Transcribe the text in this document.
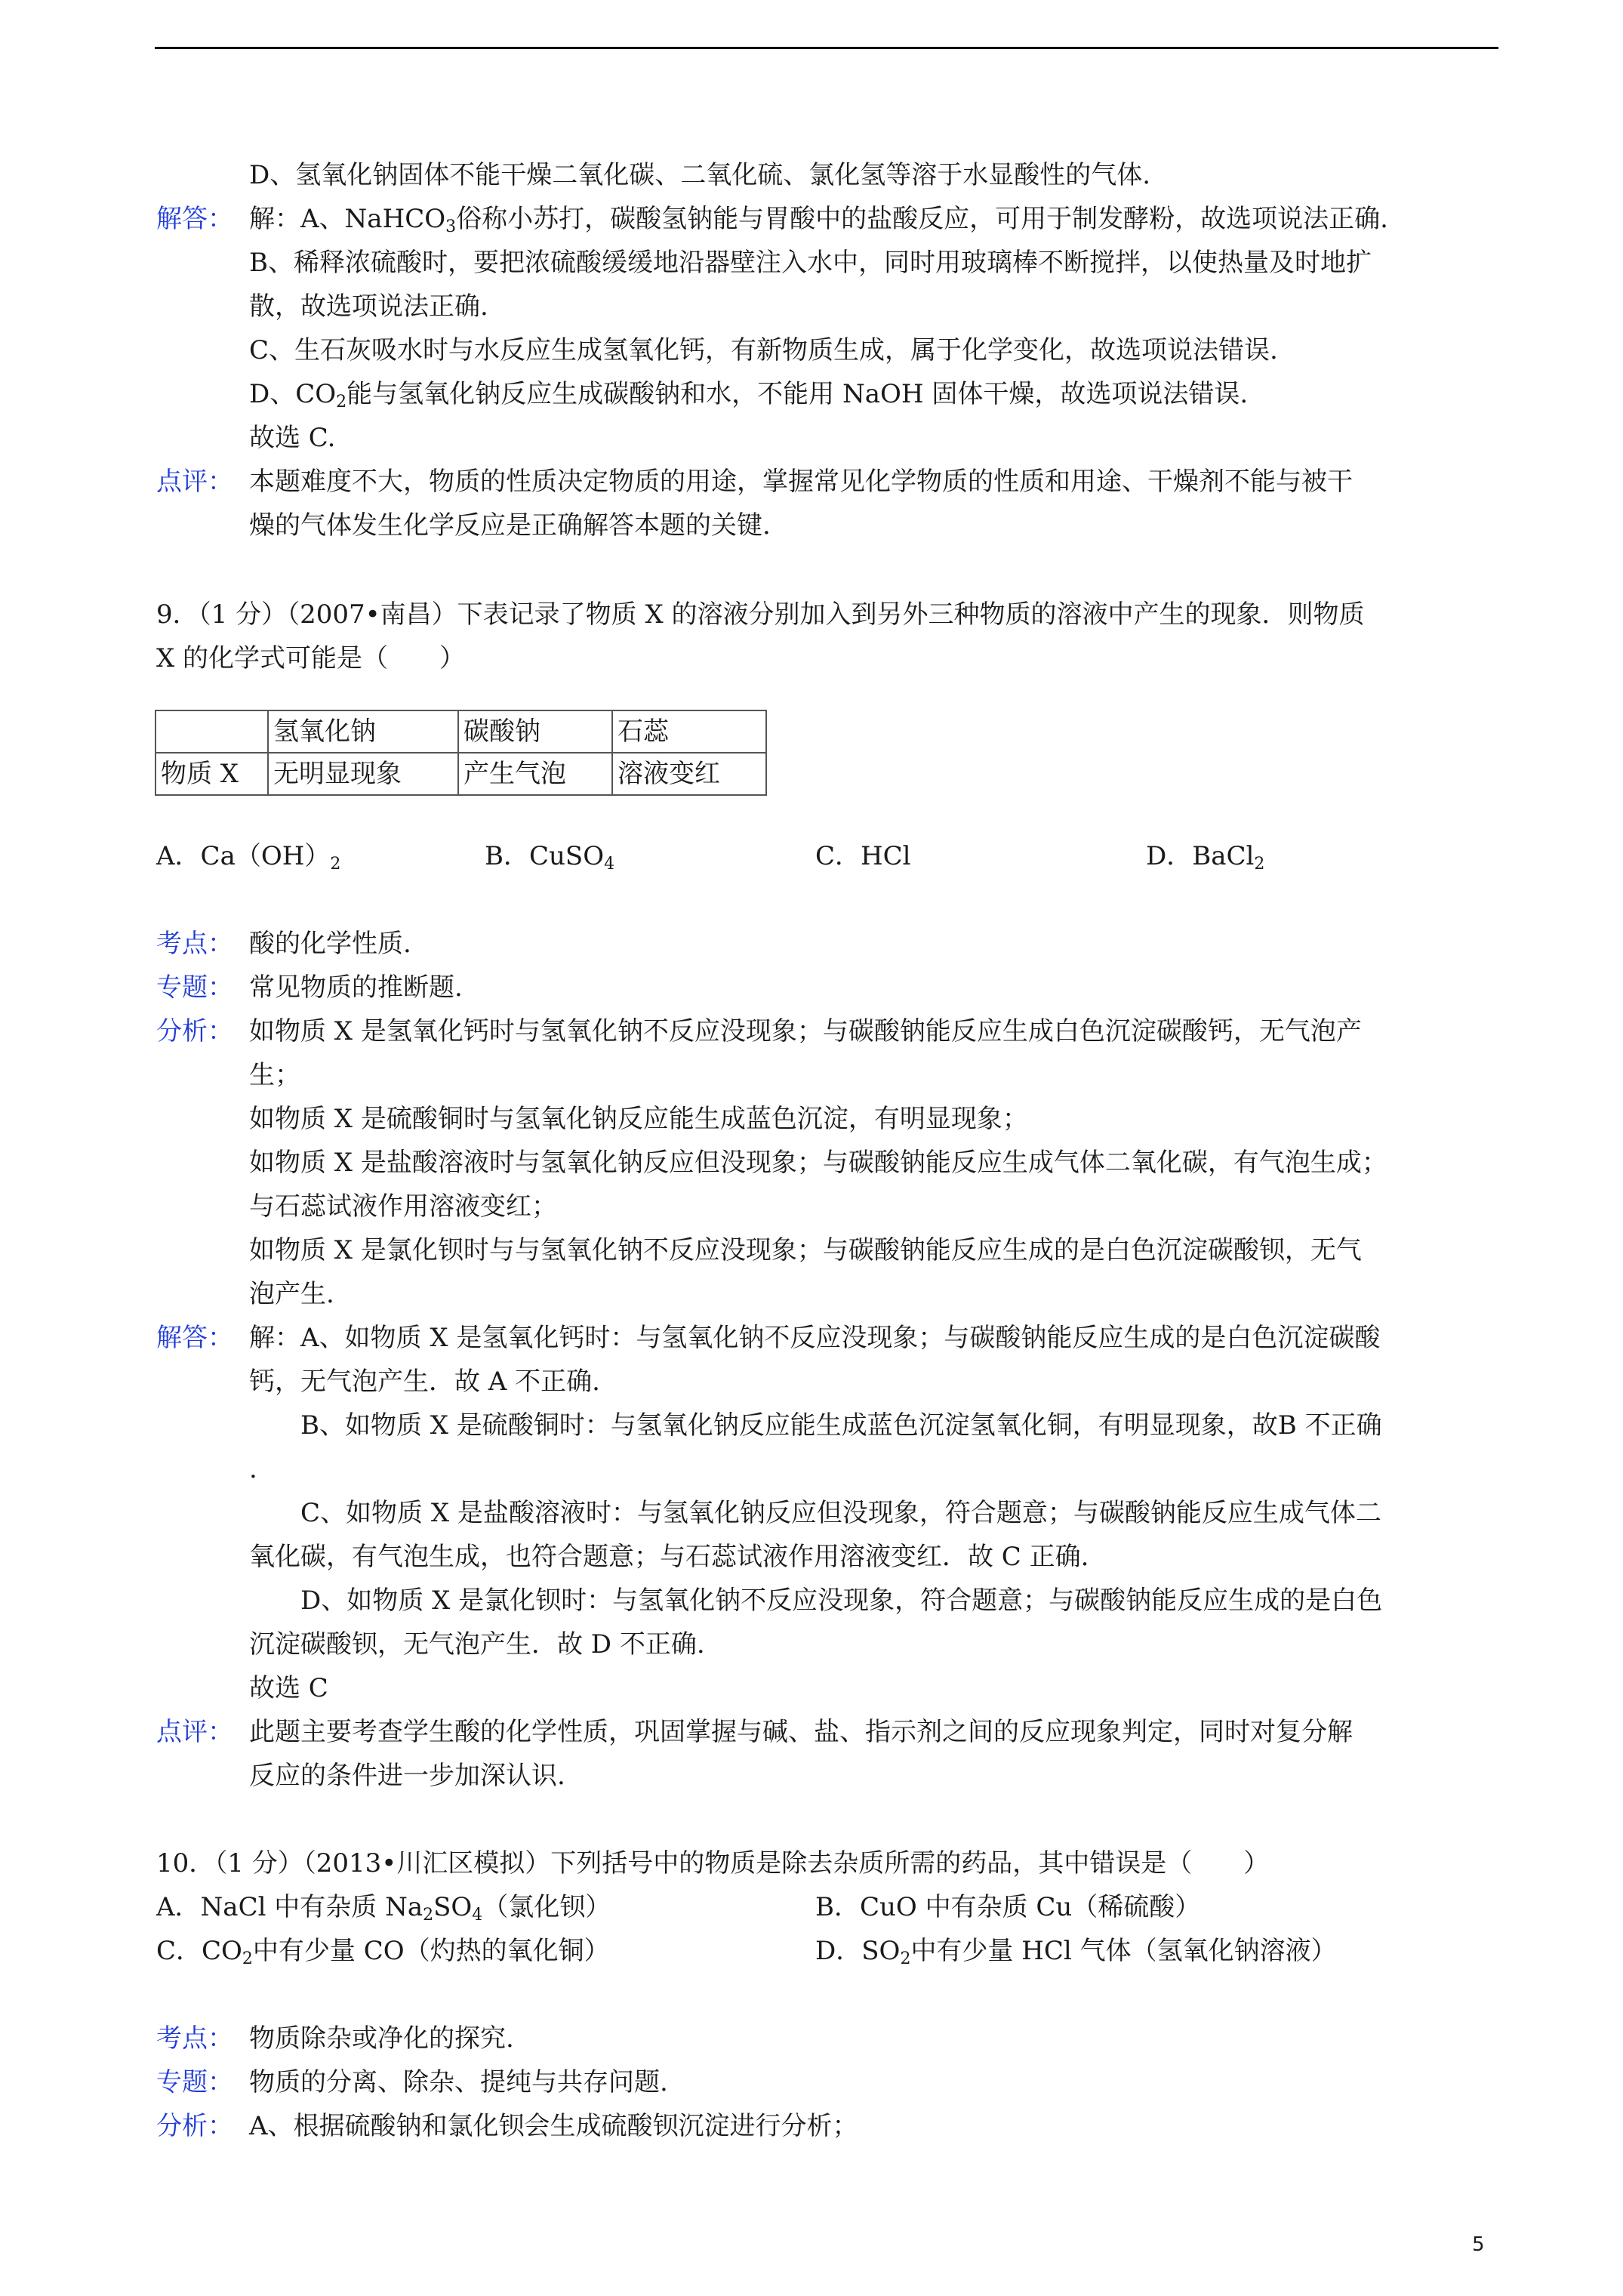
D、氢氧化钠固体不能干燥二氧化碳、二氧化硫、氯化氢等溶于水显酸性的气体.
解答： 解：A、NaHCO$_3$俗称小苏打，碳酸氢钠能与胃酸中的盐酸反应，可用于制发酵粉，故选项说法正确.
B、稀释浓硫酸时，要把浓硫酸缓缓地沿器壁注入水中，同时用玻璃棒不断搅拌，以使热量及时地扩
散，故选项说法正确.
C、生石灰吸水时与水反应生成氢氧化钙，有新物质生成，属于化学变化，故选项说法错误.
D、$CO_2$能与氢氧化钠反应生成碳酸钠和水，不能用 NaOH 固体干燥，故选项说法错误.
故选 C.
点评： 本题难度不大，物质的性质决定物质的用途，掌握常见化学物质的性质和用途、干燥剂不能与被干
燥的气体发生化学反应是正确解答本题的关键.
9．（1 分）（2007•南昌）下表记录了物质 X 的溶液分别加入到另外三种物质的溶液中产生的现象．则物质
X 的化学式可能是（　　）
	氢氧化钠	碳酸钠	石蕊
物质 X	无明显现象	产生气泡	溶液变红
A．$Ca(OH)_2$	B．CuSO$_4$	C．HCl	D．BaCl$_2$
考点： 酸的化学性质.
专题： 常见物质的推断题.
分析： 如物质 X 是氢氧化钙时与氢氧化钠不反应没现象；与碳酸钠能反应生成白色沉淀碳酸钙，无气泡产
生；
如物质 X 是硫酸铜时与氢氧化钠反应能生成蓝色沉淀，有明显现象；
如物质 X 是盐酸溶液时与氢氧化钠反应但没现象；与碳酸钠能反应生成气体二氧化碳，有气泡生成；
与石蕊试液作用溶液变红；
如物质 X 是氯化钡时与与氢氧化钠不反应没现象；与碳酸钠能反应生成的是白色沉淀碳酸钡，无气
泡产生.
解答： 解：A、如物质 X 是氢氧化钙时：与氢氧化钠不反应没现象；与碳酸钠能反应生成的是白色沉淀碳酸
钙，无气泡产生．故 A 不正确.
B、如物质 X 是硫酸铜时：与氢氧化钠反应能生成蓝色沉淀氢氧化铜，有明显现象，故B 不正确
.
C、如物质 X 是盐酸溶液时：与氢氧化钠反应但没现象，符合题意；与碳酸钠能反应生成气体二
氧化碳，有气泡生成，也符合题意；与石蕊试液作用溶液变红．故 C 正确.
D、如物质 X 是氯化钡时：与氢氧化钠不反应没现象，符合题意；与碳酸钠能反应生成的是白色
沉淀碳酸钡，无气泡产生．故 D 不正确.
故选 C
点评： 此题主要考查学生酸的化学性质，巩固掌握与碱、盐、指示剂之间的反应现象判定，同时对复分解
反应的条件进一步加深认识.
10．（1 分）（2013•川汇区模拟）下列括号中的物质是除去杂质所需的药品，其中错误是（　　）
A．NaCl 中有杂质 $Na_2SO_4$（氯化钡）	B．CuO 中有杂质 Cu（稀硫酸）
C．$CO_2$中有少量 CO（灼热的氧化铜）	D．$SO_2$中有少量 HCl 气体（氢氧化钠溶液）
考点： 物质除杂或净化的探究.
专题： 物质的分离、除杂、提纯与共存问题.
分析： A、根据硫酸钠和氯化钡会生成硫酸钡沉淀进行分析；
5
